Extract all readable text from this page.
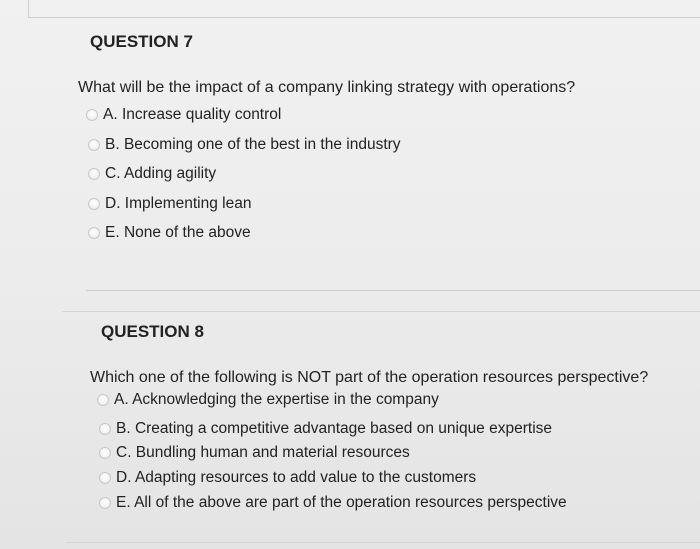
QUESTION 7
What will be the impact of a company linking strategy with operations?
A. Increase quality control
B. Becoming one of the best in the industry
C. Adding agility
D. Implementing lean
E. None of the above
QUESTION 8
Which one of the following is NOT part of the operation resources perspective?
A. Acknowledging the expertise in the company
B. Creating a competitive advantage based on unique expertise
C. Bundling human and material resources
D. Adapting resources to add value to the customers
E. All of the above are part of the operation resources perspective
